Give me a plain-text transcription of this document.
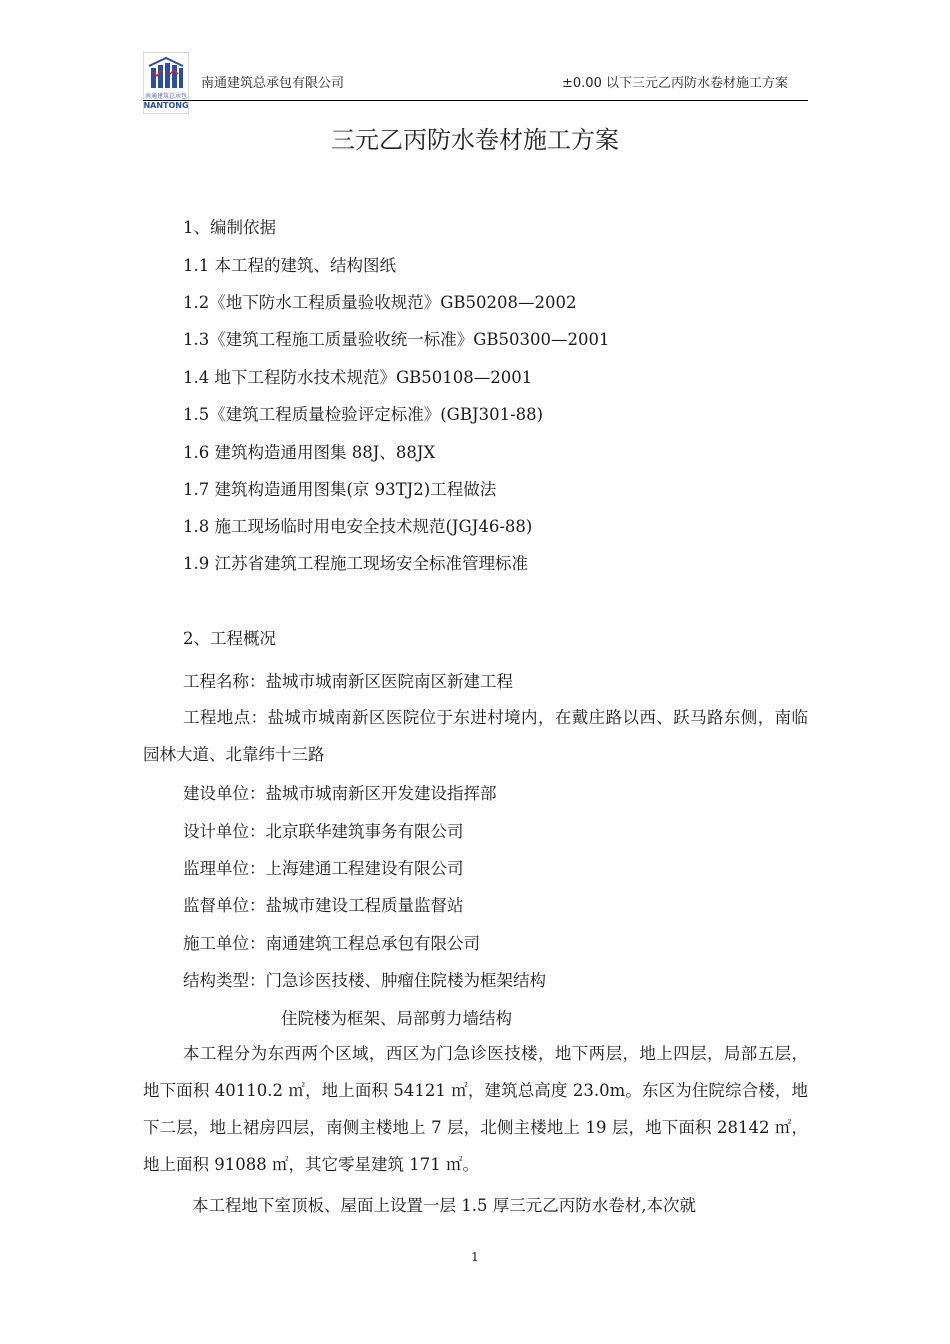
南通建筑总承包
NANTONG
南通建筑总承包有限公司	±0.00 以下三元乙丙防水卷材施工方案
三元乙丙防水卷材施工方案
1、编制依据
1.1 本工程的建筑、结构图纸
1.2《地下防水工程质量验收规范》GB50208—2002
1.3《建筑工程施工质量验收统一标准》GB50300—2001
1.4 地下工程防水技术规范》GB50108—2001
1.5《建筑工程质量检验评定标准》(GBJ301-88)
1.6 建筑构造通用图集 88J、88JX
1.7 建筑构造通用图集(京 93TJ2)工程做法
1.8 施工现场临时用电安全技术规范(JGJ46-88)
1.9 江苏省建筑工程施工现场安全标准管理标准
2、工程概况
工程名称：盐城市城南新区医院南区新建工程
工程地点：盐城市城南新区医院位于东进村境内，在戴庄路以西、跃马路东侧，南临园林大道、北靠纬十三路
建设单位：盐城市城南新区开发建设指挥部
设计单位：北京联华建筑事务有限公司
监理单位：上海建通工程建设有限公司
监督单位：盐城市建设工程质量监督站
施工单位：南通建筑工程总承包有限公司
结构类型：门急诊医技楼、肿瘤住院楼为框架结构
住院楼为框架、局部剪力墙结构
本工程分为东西两个区域，西区为门急诊医技楼，地下两层，地上四层，局部五层，地下面积 40110.2 ㎡，地上面积 54121 ㎡，建筑总高度 23.0m。东区为住院综合楼，地下二层，地上裙房四层，南侧主楼地上 7 层，北侧主楼地上 19 层，地下面积 28142 ㎡，地上面积 91088 ㎡，其它零星建筑 171 ㎡。
本工程地下室顶板、屋面上设置一层 1.5 厚三元乙丙防水卷材,本次就
1
